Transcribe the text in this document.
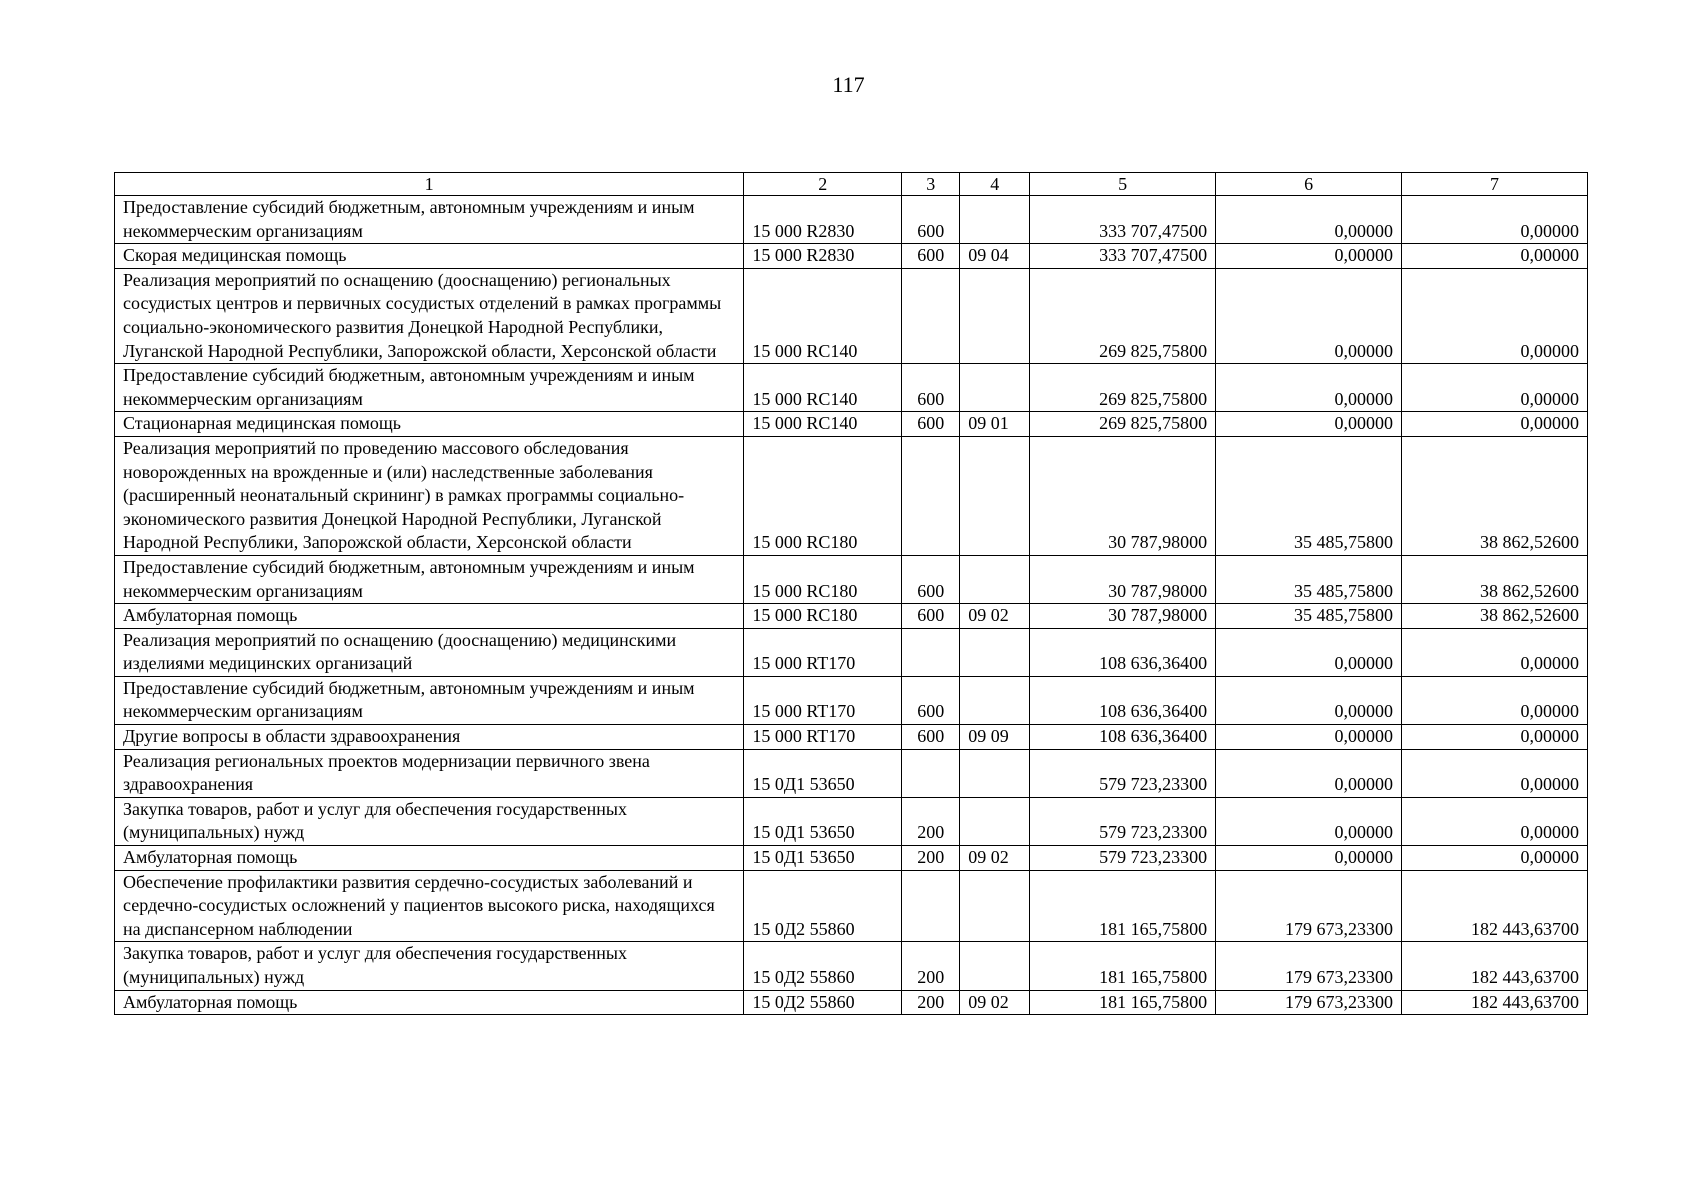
117
1	2	3	4	5	6	7
Предоставление субсидий бюджетным, автономным учреждениям и иным некоммерческим организациям	15 000 R2830	600		333 707,47500	0,00000	0,00000
Скорая медицинская помощь	15 000 R2830	600	09 04	333 707,47500	0,00000	0,00000
Реализация мероприятий по оснащению (дооснащению) региональных сосудистых центров и первичных сосудистых отделений в рамках программы социально-экономического развития Донецкой Народной Республики, Луганской Народной Республики, Запорожской области, Херсонской области	15 000 RC140			269 825,75800	0,00000	0,00000
Предоставление субсидий бюджетным, автономным учреждениям и иным некоммерческим организациям	15 000 RC140	600		269 825,75800	0,00000	0,00000
Стационарная медицинская помощь	15 000 RC140	600	09 01	269 825,75800	0,00000	0,00000
Реализация мероприятий по проведению массового обследования новорожденных на врожденные и (или) наследственные заболевания (расширенный неонатальный скрининг) в рамках программы социально-экономического развития Донецкой Народной Республики, Луганской Народной Республики, Запорожской области, Херсонской области	15 000 RC180			30 787,98000	35 485,75800	38 862,52600
Предоставление субсидий бюджетным, автономным учреждениям и иным некоммерческим организациям	15 000 RC180	600		30 787,98000	35 485,75800	38 862,52600
Амбулаторная помощь	15 000 RC180	600	09 02	30 787,98000	35 485,75800	38 862,52600
Реализация мероприятий по оснащению (дооснащению) медицинскими изделиями медицинских организаций	15 000 RT170			108 636,36400	0,00000	0,00000
Предоставление субсидий бюджетным, автономным учреждениям и иным некоммерческим организациям	15 000 RT170	600		108 636,36400	0,00000	0,00000
Другие вопросы в области здравоохранения	15 000 RT170	600	09 09	108 636,36400	0,00000	0,00000
Реализация региональных проектов модернизации первичного звена здравоохранения	15 0Д1 53650			579 723,23300	0,00000	0,00000
Закупка товаров, работ и услуг для обеспечения государственных (муниципальных) нужд	15 0Д1 53650	200		579 723,23300	0,00000	0,00000
Амбулаторная помощь	15 0Д1 53650	200	09 02	579 723,23300	0,00000	0,00000
Обеспечение профилактики развития сердечно-сосудистых заболеваний и сердечно-сосудистых осложнений у пациентов высокого риска, находящихся на диспансерном наблюдении	15 0Д2 55860			181 165,75800	179 673,23300	182 443,63700
Закупка товаров, работ и услуг для обеспечения государственных (муниципальных) нужд	15 0Д2 55860	200		181 165,75800	179 673,23300	182 443,63700
Амбулаторная помощь	15 0Д2 55860	200	09 02	181 165,75800	179 673,23300	182 443,63700
